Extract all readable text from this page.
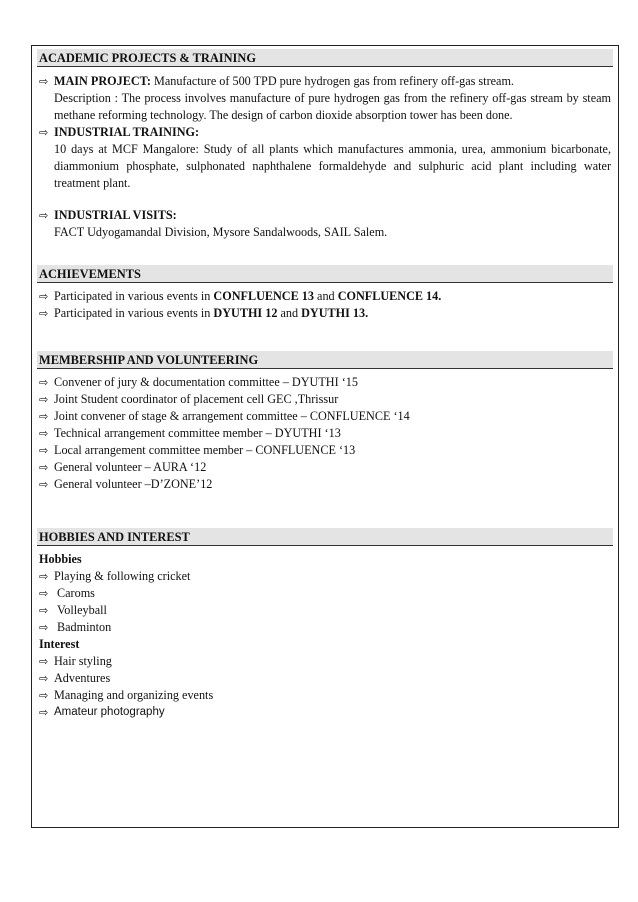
ACADEMIC PROJECTS & TRAINING
⇨ MAIN PROJECT: Manufacture of 500 TPD pure hydrogen gas from refinery off-gas stream.
Description : The process involves manufacture of pure hydrogen gas from the refinery off-gas stream by steam methane reforming technology. The design of carbon dioxide absorption tower has been done.
⇨ INDUSTRIAL TRAINING:
10 days at MCF Mangalore: Study of all plants which manufactures ammonia, urea, ammonium bicarbonate, diammonium phosphate, sulphonated naphthalene formaldehyde and sulphuric acid plant including water treatment plant.
⇨ INDUSTRIAL VISITS:
FACT Udyogamandal Division, Mysore Sandalwoods, SAIL Salem.
ACHIEVEMENTS
⇨ Participated in various events in CONFLUENCE 13 and CONFLUENCE 14.
⇨ Participated in various events in DYUTHI 12 and DYUTHI 13.
MEMBERSHIP AND VOLUNTEERING
⇨ Convener of jury & documentation committee – DYUTHI ‘15
⇨ Joint Student coordinator of placement cell GEC ,Thrissur
⇨ Joint convener of stage & arrangement committee – CONFLUENCE ‘14
⇨ Technical arrangement committee member – DYUTHI ‘13
⇨ Local arrangement committee member – CONFLUENCE ‘13
⇨ General volunteer – AURA ‘12
⇨ General volunteer –D’ZONE’12
HOBBIES AND INTEREST
Hobbies
⇨ Playing & following cricket
⇨ Caroms
⇨ Volleyball
⇨ Badminton
Interest
⇨ Hair styling
⇨ Adventures
⇨ Managing and organizing events
⇨ Amateur photography
